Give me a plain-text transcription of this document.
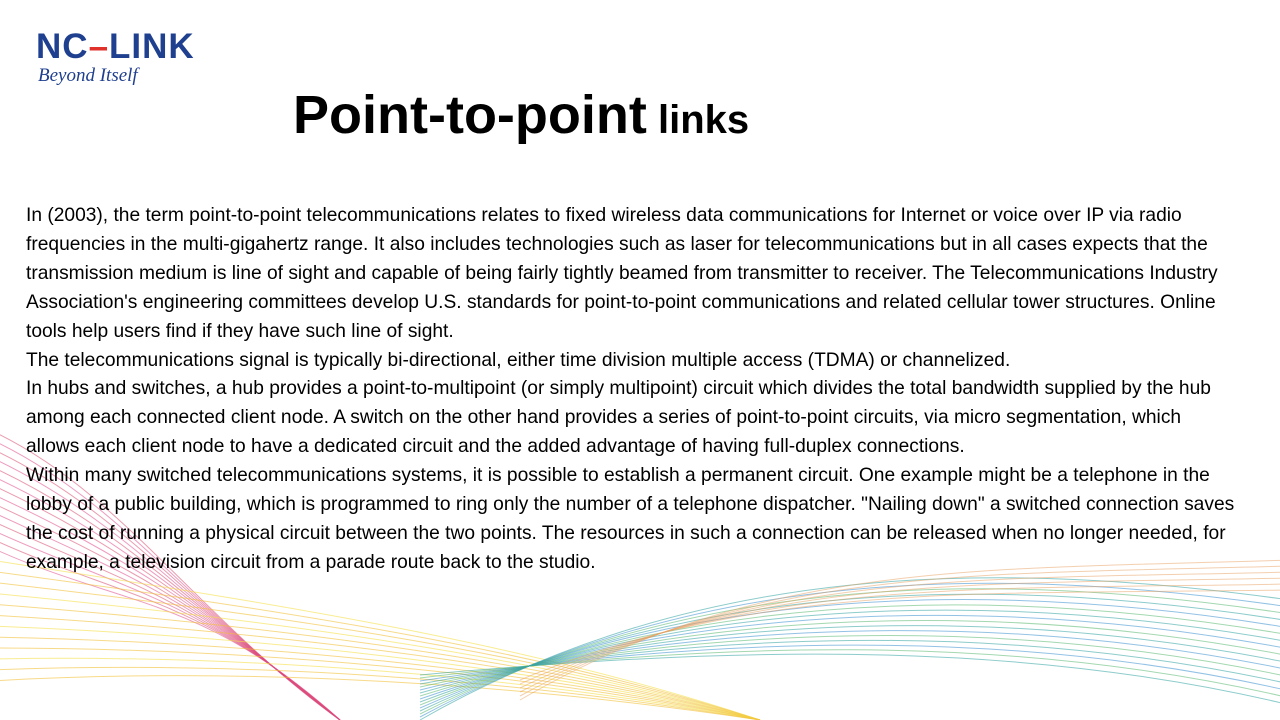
NC–LINK
Beyond Itself
Point-to-point links

In (2003), the term point-to-point telecommunications relates to fixed wireless data communications for Internet or voice over IP via radio frequencies in the multi-gigahertz range. It also includes technologies such as laser for telecommunications but in all cases expects that the transmission medium is line of sight and capable of being fairly tightly beamed from transmitter to receiver. The Telecommunications Industry Association's engineering committees develop U.S. standards for point-to-point communications and related cellular tower structures. Online tools help users find if they have such line of sight.

The telecommunications signal is typically bi-directional, either time division multiple access (TDMA) or channelized.

In hubs and switches, a hub provides a point-to-multipoint (or simply multipoint) circuit which divides the total bandwidth supplied by the hub among each connected client node. A switch on the other hand provides a series of point-to-point circuits, via micro segmentation, which allows each client node to have a dedicated circuit and the added advantage of having full-duplex connections.

Within many switched telecommunications systems, it is possible to establish a permanent circuit. One example might be a telephone in the lobby of a public building, which is programmed to ring only the number of a telephone dispatcher. "Nailing down" a switched connection saves the cost of running a physical circuit between the two points. The resources in such a connection can be released when no longer needed, for example, a television circuit from a parade route back to the studio.
